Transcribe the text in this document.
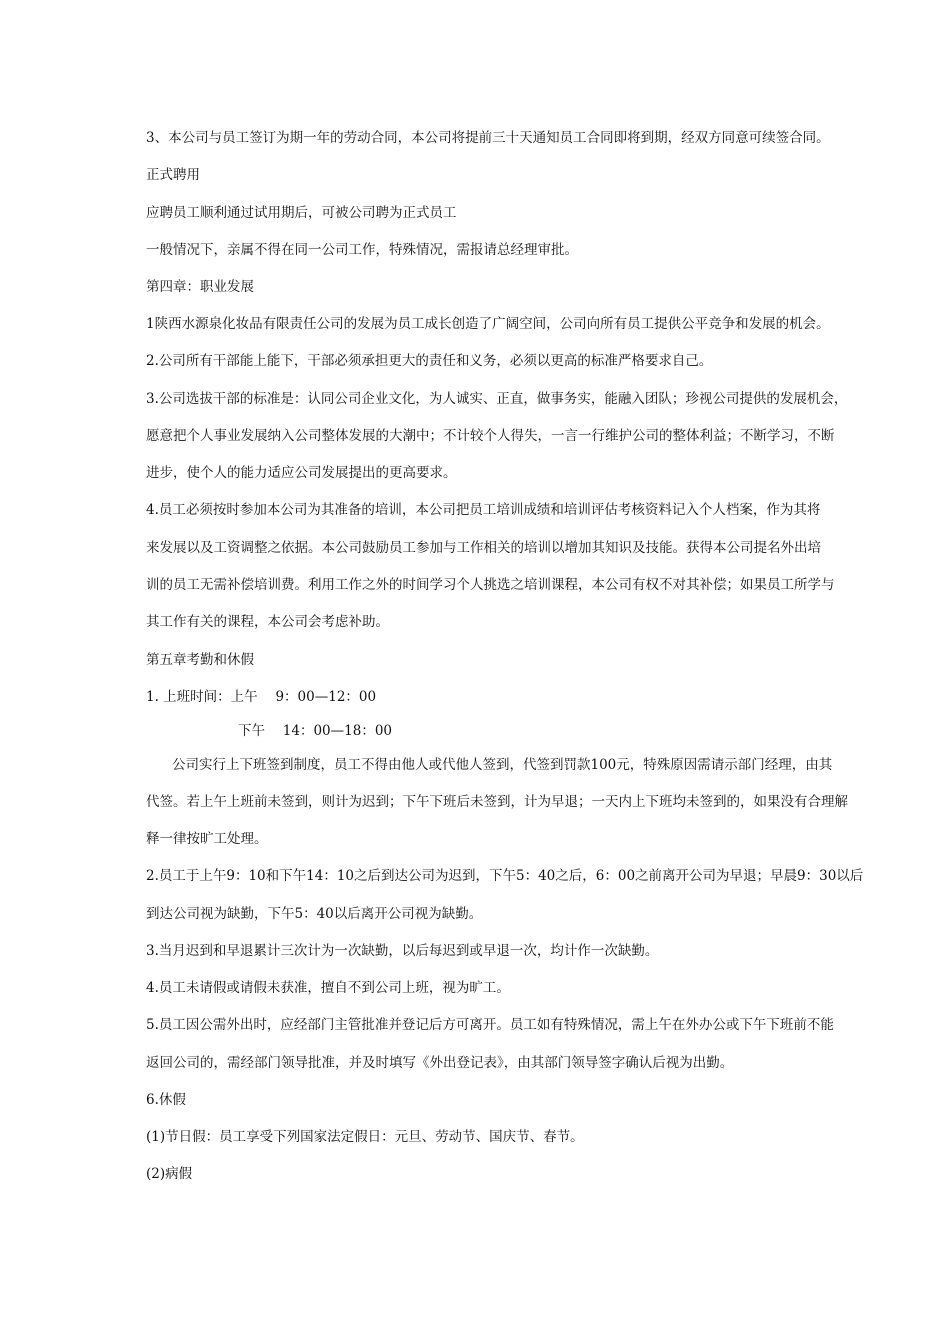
3、本公司与员工签订为期一年的劳动合同，本公司将提前三十天通知员工合同即将到期，经双方同意可续签合同。
正式聘用
应聘员工顺利通过试用期后，可被公司聘为正式员工
一般情况下，亲属不得在同一公司工作，特殊情况，需报请总经理审批。
第四章：职业发展
1陕西水源泉化妆品有限责任公司的发展为员工成长创造了广阔空间，公司向所有员工提供公平竞争和发展的机会。
2.公司所有干部能上能下，干部必须承担更大的责任和义务，必须以更高的标准严格要求自己。
3.公司选拔干部的标准是：认同公司企业文化，为人诚实、正直，做事务实，能融入团队；珍视公司提供的发展机会，
愿意把个人事业发展纳入公司整体发展的大潮中；不计较个人得失，一言一行维护公司的整体利益；不断学习，不断
进步，使个人的能力适应公司发展提出的更高要求。
4.员工必须按时参加本公司为其准备的培训，本公司把员工培训成绩和培训评估考核资料记入个人档案，作为其将
来发展以及工资调整之依据。本公司鼓励员工参加与工作相关的培训以增加其知识及技能。获得本公司提名外出培
训的员工无需补偿培训费。利用工作之外的时间学习个人挑选之培训课程，本公司有权不对其补偿；如果员工所学与
其工作有关的课程，本公司会考虑补助。
第五章考勤和休假
1. 上班时间：上午　 9：00—12：00
下午　 14：00—18：00
公司实行上下班签到制度，员工不得由他人或代他人签到，代签到罚款100元，特殊原因需请示部门经理，由其
代签。若上午上班前未签到，则计为迟到；下午下班后未签到，计为早退；一天内上下班均未签到的，如果没有合理解
释一律按旷工处理。
2.员工于上午9：10和下午14：10之后到达公司为迟到，下午5：40之后，6：00之前离开公司为早退；早晨9：30以后
到达公司视为缺勤，下午5：40以后离开公司视为缺勤。
3.当月迟到和早退累计三次计为一次缺勤，以后每迟到或早退一次，均计作一次缺勤。
4.员工未请假或请假未获准，擅自不到公司上班，视为旷工。
5.员工因公需外出时，应经部门主管批准并登记后方可离开。员工如有特殊情况，需上午在外办公或下午下班前不能
返回公司的，需经部门领导批准，并及时填写《外出登记表》，由其部门领导签字确认后视为出勤。
6.休假
(1)节日假：员工享受下列国家法定假日：元旦、劳动节、国庆节、春节。
(2)病假
